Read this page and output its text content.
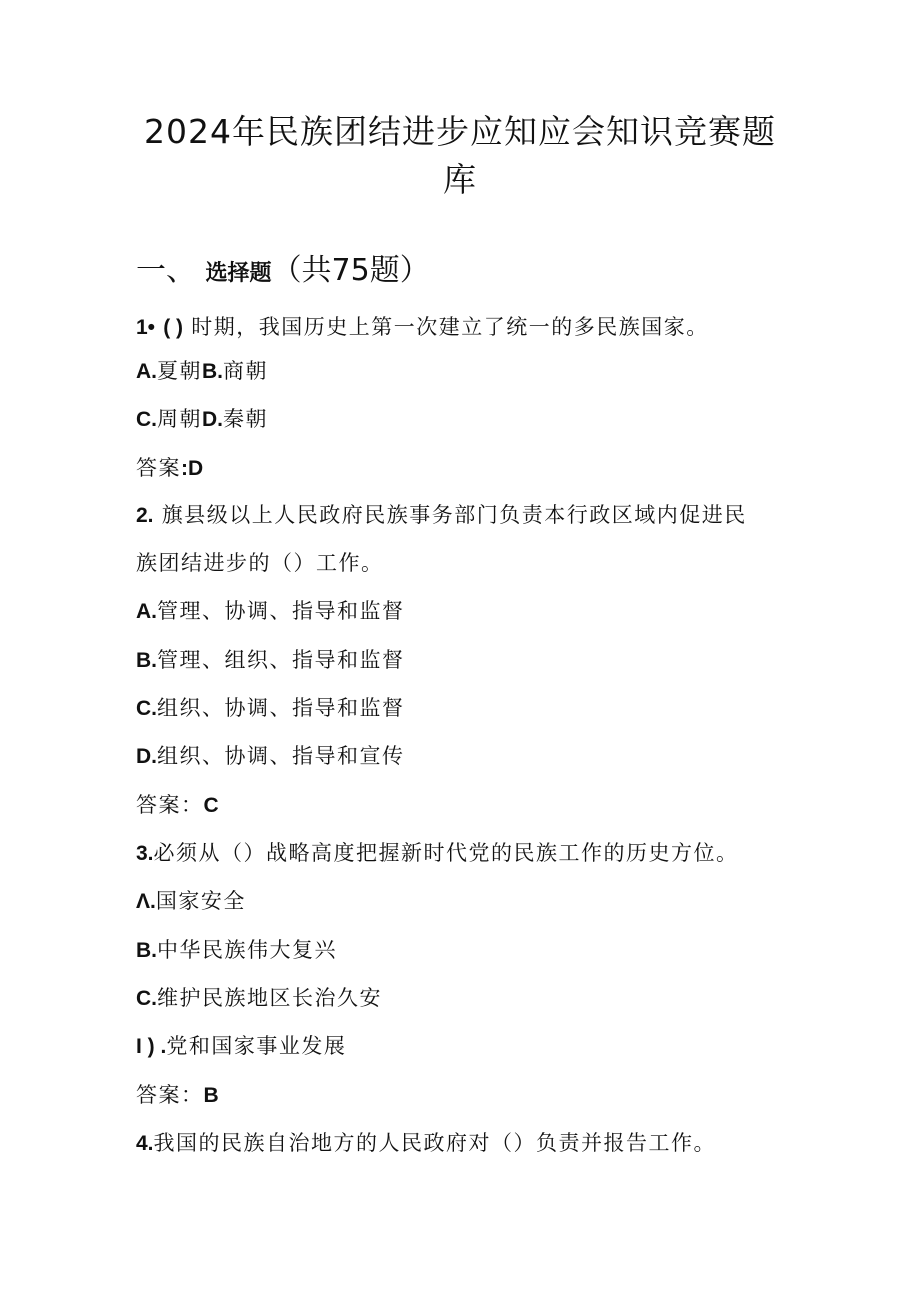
2024年民族团结进步应知应会知识竞赛题
库
一、 选择题（共75题）
1• ( ) 时期，我国历史上第一次建立了统一的多民族国家。
A.夏朝B.商朝
C.周朝D.秦朝
答案:D
2. 旗县级以上人民政府民族事务部门负责本行政区域内促进民
族团结进步的（）工作。
A.管理、协调、指导和监督
B.管理、组织、指导和监督
C.组织、协调、指导和监督
D.组织、协调、指导和宣传
答案：C
3.必须从（）战略高度把握新时代党的民族工作的历史方位。
Λ.国家安全
B.中华民族伟大复兴
C.维护民族地区长治久安
I ) .党和国家事业发展
答案：B
4.我国的民族自治地方的人民政府对（）负责并报告工作。
